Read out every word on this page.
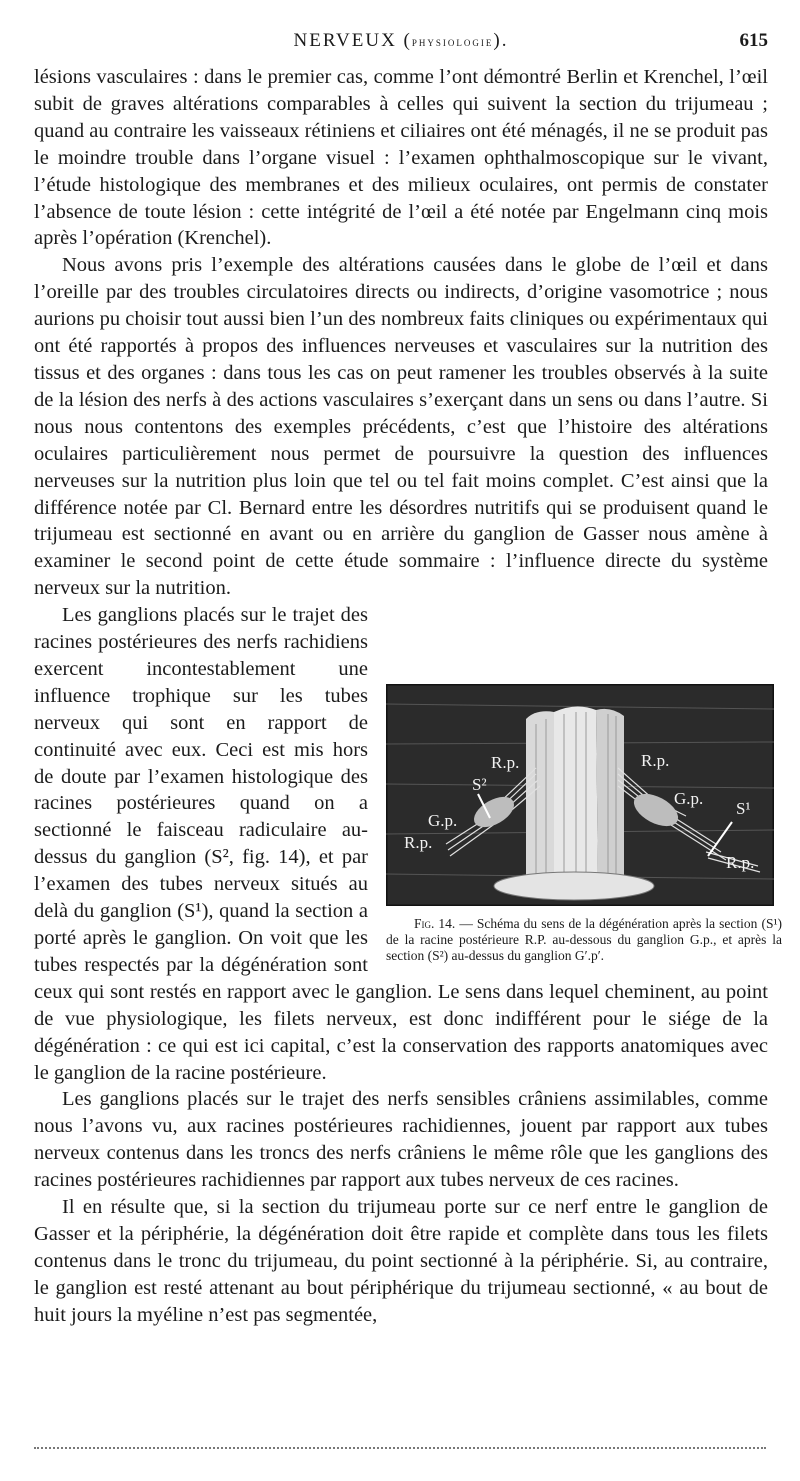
NERVEUX (physiologie).	615

lésions vasculaires : dans le premier cas, comme l’ont démontré Berlin et Krenchel, l’œil subit de graves altérations comparables à celles qui suivent la section du trijumeau ; quand au contraire les vaisseaux rétiniens et ciliaires ont été ménagés, il ne se produit pas le moindre trouble dans l’organe visuel : l’examen ophthalmoscopique sur le vivant, l’étude histologique des membranes et des milieux oculaires, ont permis de constater l’absence de toute lésion : cette intégrité de l’œil a été notée par Engelmann cinq mois après l’opération (Krenchel).

Nous avons pris l’exemple des altérations causées dans le globe de l’œil et dans l’oreille par des troubles circulatoires directs ou indirects, d’origine vasomotrice ; nous aurions pu choisir tout aussi bien l’un des nombreux faits cliniques ou expérimentaux qui ont été rapportés à propos des influences nerveuses et vasculaires sur la nutrition des tissus et des organes : dans tous les cas on peut ramener les troubles observés à la suite de la lésion des nerfs à des actions vasculaires s’exerçant dans un sens ou dans l’autre. Si nous nous contentons des exemples précédents, c’est que l’histoire des altérations oculaires particulièrement nous permet de poursuivre la question des influences nerveuses sur la nutrition plus loin que tel ou tel fait moins complet. C’est ainsi que la différence notée par Cl. Bernard entre les désordres nutritifs qui se produisent quand le trijumeau est sectionné en avant ou en arrière du ganglion de Gasser nous amène à examiner le second point de cette étude sommaire : l’influence directe du système nerveux sur la nutrition.

R.p.	R.p.
S²
G.p.
G.p.
S¹
R.p.
R.p.
Fig. 14. — Schéma du sens de la dégénération après la section (S¹) de la racine postérieure R.P. au-dessous du ganglion G.p., et après la section (S²) au-dessus du ganglion G′.p′.
Les ganglions placés sur le trajet des racines postérieures des nerfs rachidiens exercent incontestablement une influence trophique sur les tubes nerveux qui sont en rapport de continuité avec eux. Ceci est mis hors de doute par l’examen histologique des racines postérieures quand on a sectionné le faisceau radiculaire au-dessus du ganglion (S², fig. 14), et par l’examen des tubes nerveux situés au delà du ganglion (S¹), quand la section a porté après le ganglion. On voit que les tubes respectés par la dégénération sont ceux qui sont restés en rapport avec le ganglion. Le sens dans lequel cheminent, au point de vue physiologique, les filets nerveux, est donc indifférent pour le siége de la dégénération : ce qui est ici capital, c’est la conservation des rapports anatomiques avec le ganglion de la racine postérieure.

Les ganglions placés sur le trajet des nerfs sensibles crâniens assimilables, comme nous l’avons vu, aux racines postérieures rachidiennes, jouent par rapport aux tubes nerveux contenus dans les troncs des nerfs crâniens le même rôle que les ganglions des racines postérieures rachidiennes par rapport aux tubes nerveux de ces racines.

Il en résulte que, si la section du trijumeau porte sur ce nerf entre le ganglion de Gasser et la périphérie, la dégénération doit être rapide et complète dans tous les filets contenus dans le tronc du trijumeau, du point sectionné à la périphérie. Si, au contraire, le ganglion est resté attenant au bout périphérique du trijumeau sectionné, « au bout de huit jours la myéline n’est pas segmentée,
